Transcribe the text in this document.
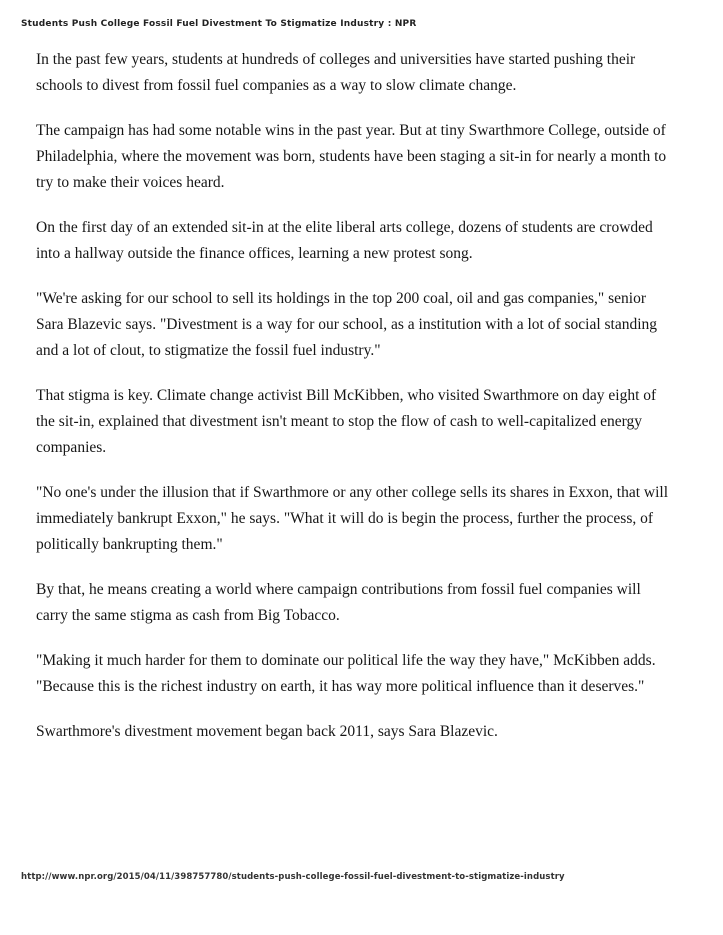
Students Push College Fossil Fuel Divestment To Stigmatize Industry : NPR

In the past few years, students at hundreds of colleges and universities have started pushing their schools to divest from fossil fuel companies as a way to slow climate change.

The campaign has had some notable wins in the past year. But at tiny Swarthmore College, outside of Philadelphia, where the movement was born, students have been staging a sit-in for nearly a month to try to make their voices heard.

On the first day of an extended sit-in at the elite liberal arts college, dozens of students are crowded into a hallway outside the finance offices, learning a new protest song.

"We're asking for our school to sell its holdings in the top 200 coal, oil and gas companies," senior Sara Blazevic says. "Divestment is a way for our school, as a institution with a lot of social standing and a lot of clout, to stigmatize the fossil fuel industry."

That stigma is key. Climate change activist Bill McKibben, who visited Swarthmore on day eight of the sit-in, explained that divestment isn't meant to stop the flow of cash to well-capitalized energy companies.

"No one's under the illusion that if Swarthmore or any other college sells its shares in Exxon, that will immediately bankrupt Exxon," he says. "What it will do is begin the process, further the process, of politically bankrupting them."

By that, he means creating a world where campaign contributions from fossil fuel companies will carry the same stigma as cash from Big Tobacco.

"Making it much harder for them to dominate our political life the way they have," McKibben adds. "Because this is the richest industry on earth, it has way more political influence than it deserves."

Swarthmore's divestment movement began back 2011, says Sara Blazevic.

http://www.npr.org/2015/04/11/398757780/students-push-college-fossil-fuel-divestment-to-stigmatize-industry
